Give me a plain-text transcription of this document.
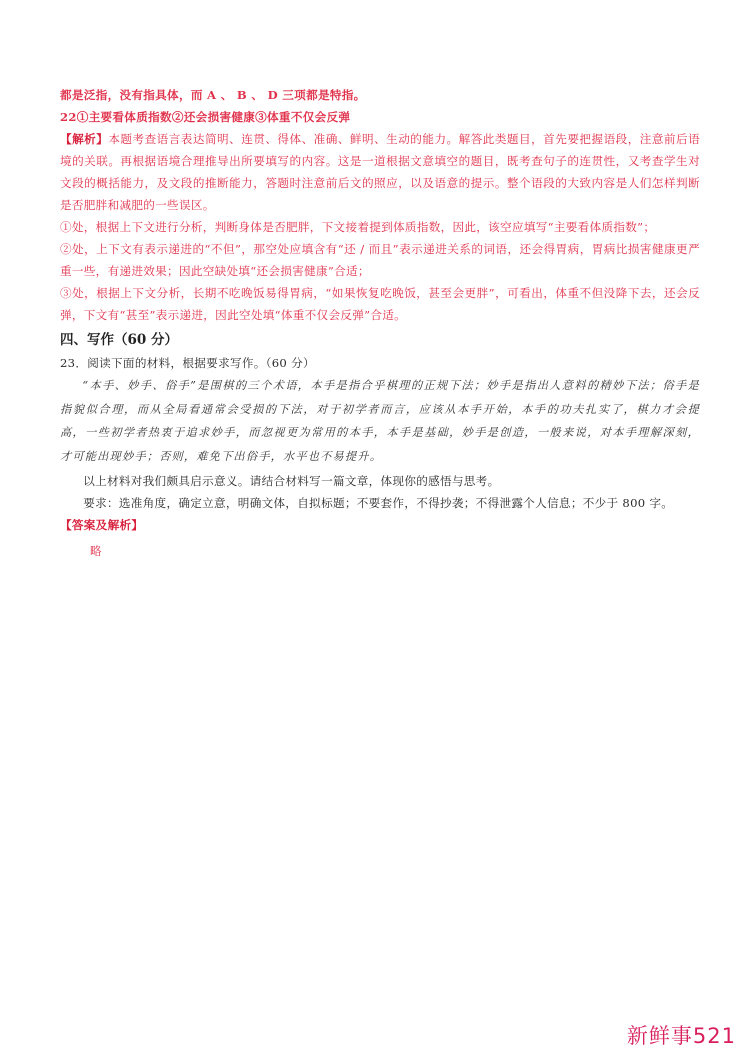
都是泛指，没有指具体，而 A 、 B 、 D 三项都是特指。
22①主要看体质指数②还会损害健康③体重不仅会反弹
【解析】本题考查语言表达简明、连贯、得体、准确、鲜明、生动的能力。解答此类题目，首先要把握语段，注意前后语境的关联。再根据语境合理推导出所要填写的内容。这是一道根据文意填空的题目，既考查句子的连贯性，又考查学生对文段的概括能力，及文段的推断能力，答题时注意前后文的照应，以及语意的提示。整个语段的大致内容是人们怎样判断是否肥胖和减肥的一些误区。
①处，根据上下文进行分析，判断身体是否肥胖，下文接着提到体质指数，因此，该空应填写“主要看体质指数”；
②处，上下文有表示递进的“不但”，那空处应填含有“还 / 而且”表示递进关系的词语，还会得胃病，胃病比损害健康更严重一些，有递进效果；因此空缺处填“还会损害健康”合适；
③处，根据上下文分析，长期不吃晚饭易得胃病，“如果恢复吃晚饭，甚至会更胖”，可看出，体重不但没降下去，还会反弹，下文有“甚至”表示递进，因此空处填“体重不仅会反弹”合适。
四、写作（60 分）
23．阅读下面的材料，根据要求写作。（60 分）
“本手、妙手、俗手”是围棋的三个术语，本手是指合乎棋理的正规下法；妙手是指出人意料的精妙下法；俗手是指貌似合理，而从全局看通常会受损的下法，对于初学者而言，应该从本手开始，本手的功夫扎实了，棋力才会提高，一些初学者热衷于追求妙手，而忽视更为常用的本手，本手是基础，妙手是创造，一般来说，对本手理解深刻，才可能出现妙手；否则，难免下出俗手，水平也不易提升。
以上材料对我们颇具启示意义。请结合材料写一篇文章，体现你的感悟与思考。
要求：选准角度，确定立意，明确文体，自拟标题；不要套作，不得抄袭；不得泄露个人信息；不少于 800 字。
【答案及解析】
略
新鲜事521
